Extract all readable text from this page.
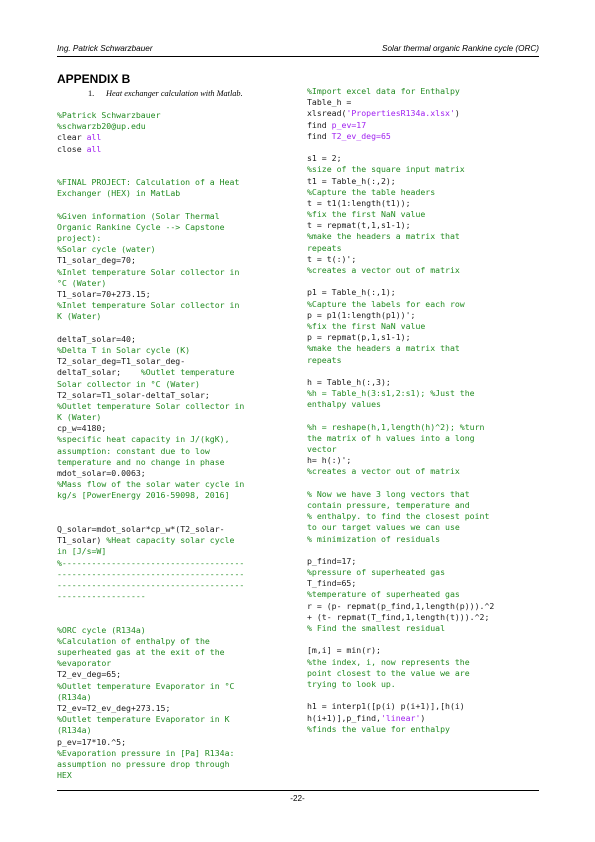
Ing. Patrick Schwarzbauer	Solar thermal organic Rankine cycle (ORC)
APPENDIX B
1. Heat exchanger calculation with Matlab.
%Patrick Schwarzbauer
%schwarzb20@up.edu
clear all
close all
%FINAL PROJECT: Calculation of a Heat
Exchanger (HEX) in MatLab
%Given information (Solar Thermal
Organic Rankine Cycle --> Capstone
project):
%Solar cycle (water)
T1_solar_deg=70;
%Inlet temperature Solar collector in
°C (Water)
T1_solar=70+273.15;
%Inlet temperature Solar collector in
K (Water)
deltaT_solar=40;
%Delta T in Solar cycle (K)
T2_solar_deg=T1_solar_deg-
deltaT_solar;    %Outlet temperature
Solar collector in °C (Water)
T2_solar=T1_solar-deltaT_solar;
%Outlet temperature Solar collector in
K (Water)
cp_w=4180;
%specific heat capacity in J/(kgK),
assumption: constant due to low
temperature and no change in phase
mdot_solar=0.0063;
%Mass flow of the solar water cycle in
kg/s [PowerEnergy 2016-59098, 2016]
Q_solar=mdot_solar*cp_w*(T2_solar-
T1_solar) %Heat capacity solar cycle
in [J/s=W]
%-------------------------------------
--------------------------------------
--------------------------------------
------------------
%ORC cycle (R134a)
%Calculation of enthalpy of the
superheated gas at the exit of the
%evaporator
T2_ev_deg=65;
%Outlet temperature Evaporator in °C
(R134a)
T2_ev=T2_ev_deg+273.15;
%Outlet temperature Evaporator in K
(R134a)
p_ev=17*10.^5;
%Evaporation pressure in [Pa] R134a:
assumption no pressure drop through
HEX
%Import excel data for Enthalpy
Table_h =
xlsread('PropertiesR134a.xlsx')
find p_ev=17
find T2_ev_deg=65
s1 = 2;
%size of the square input matrix
t1 = Table_h(:,2);
%Capture the table headers
t = t1(1:length(t1));
%fix the first NaN value
t = repmat(t,1,s1-1);
%make the headers a matrix that
repeats
t = t(:)';
%creates a vector out of matrix
p1 = Table_h(:,1);
%Capture the labels for each row
p = p1(1:length(p1))';
%fix the first NaN value
p = repmat(p,1,s1-1);
%make the headers a matrix that
repeats
h = Table_h(:,3);
%h = Table_h(3:s1,2:s1); %Just the
enthalpy values
%h = reshape(h,1,length(h)^2); %turn
the matrix of h values into a long
vector
h= h(:)';
%creates a vector out of matrix
% Now we have 3 long vectors that
contain pressure, temperature and
% enthalpy. to find the closest point
to our target values we can use
% minimization of residuals
p_find=17;
%pressure of superheated gas
T_find=65;
%temperature of superheated gas
r = (p- repmat(p_find,1,length(p))).^2
+ (t- repmat(T_find,1,length(t))).^2;
% Find the smallest residual
[m,i] = min(r);
%the index, i, now represents the
point closest to the value we are
trying to look up.
h1 = interp1([p(i) p(i+1)],[h(i)
h(i+1)],p_find,'linear')
%finds the value for enthalpy
-22-
